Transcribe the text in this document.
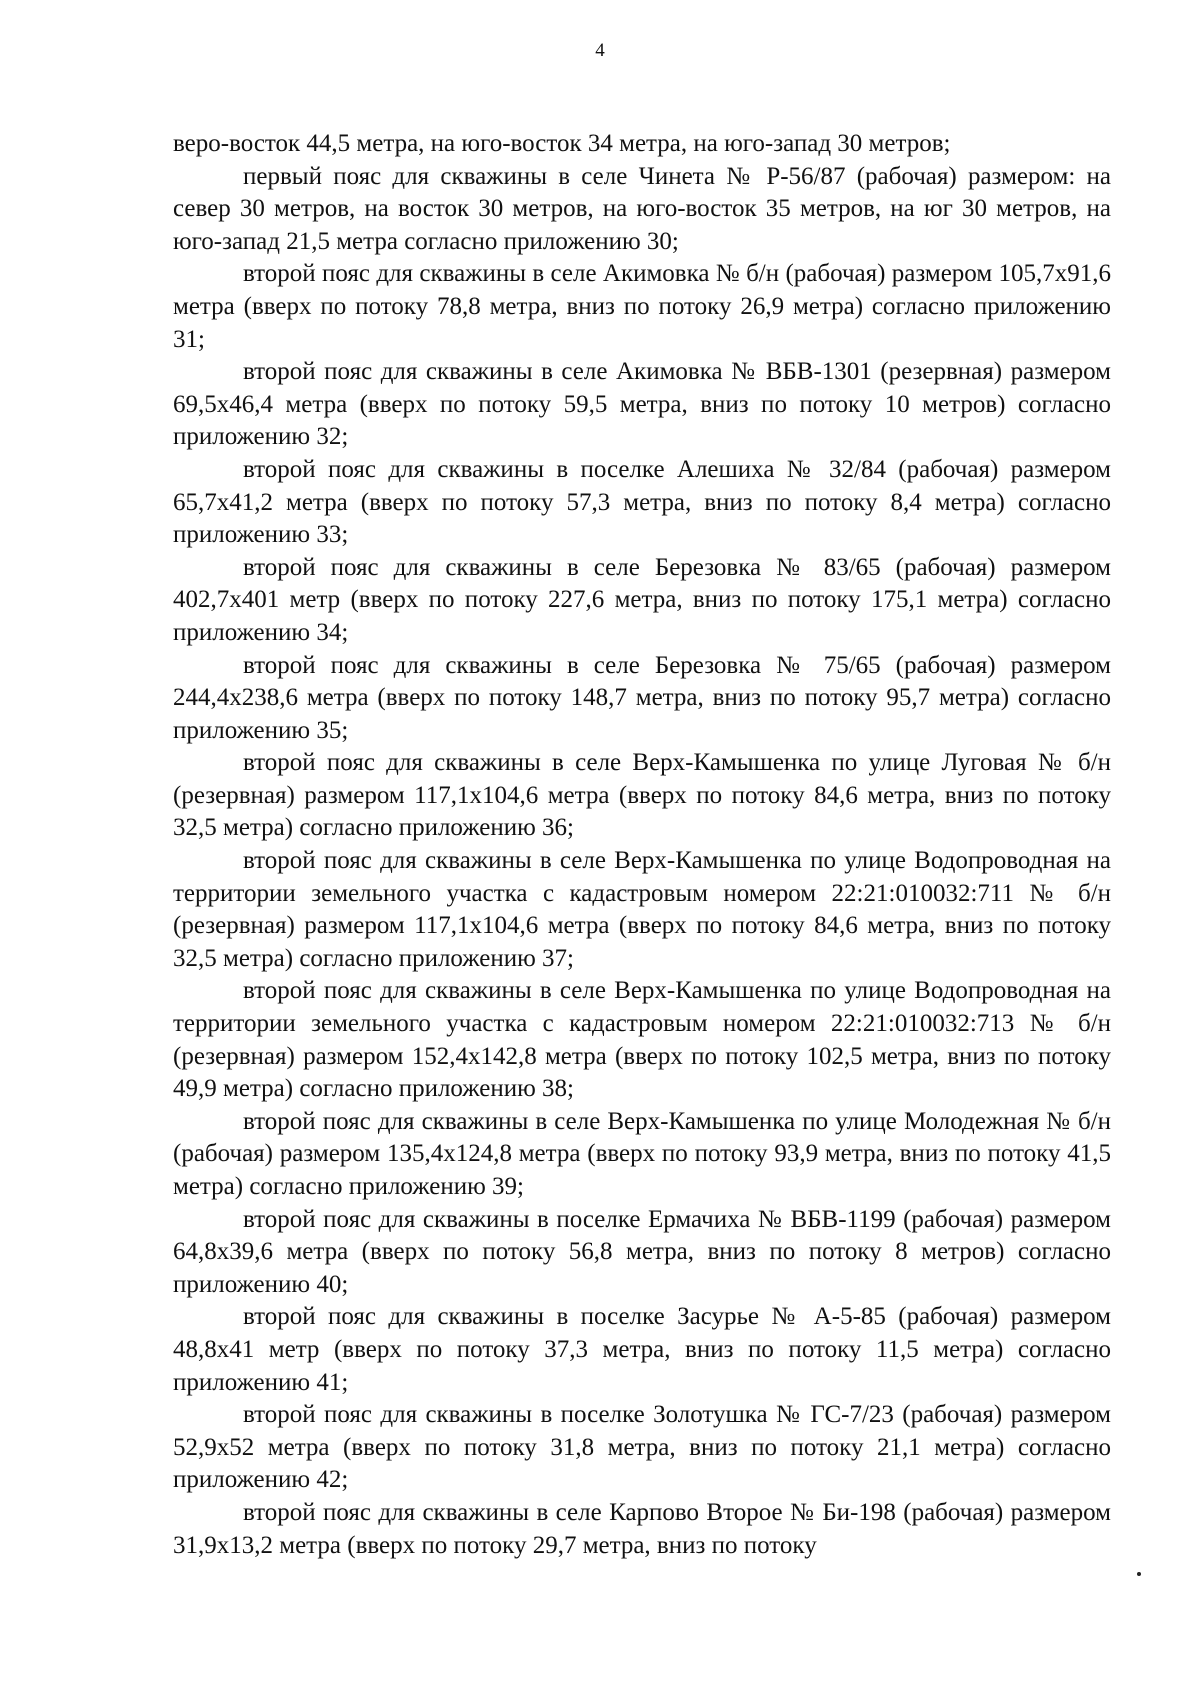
4

веро-восток 44,5 метра, на юго-восток 34 метра, на юго-запад 30 метров;

первый пояс для скважины в селе Чинета № Р-56/87 (рабочая) размером: на север 30 метров, на восток 30 метров, на юго-восток 35 метров, на юг 30 метров, на юго-запад 21,5 метра согласно приложению 30;

второй пояс для скважины в селе Акимовка № б/н (рабочая) размером 105,7х91,6 метра (вверх по потоку 78,8 метра, вниз по потоку 26,9 метра) согласно приложению 31;

второй пояс для скважины в селе Акимовка № ВБВ-1301 (резервная) размером 69,5х46,4 метра (вверх по потоку 59,5 метра, вниз по потоку 10 метров) согласно приложению 32;

второй пояс для скважины в поселке Алешиха № 32/84 (рабочая) размером 65,7х41,2 метра (вверх по потоку 57,3 метра, вниз по потоку 8,4 метра) согласно приложению 33;

второй пояс для скважины в селе Березовка № 83/65 (рабочая) размером 402,7х401 метр (вверх по потоку 227,6 метра, вниз по потоку 175,1 метра) согласно приложению 34;

второй пояс для скважины в селе Березовка № 75/65 (рабочая) размером 244,4х238,6 метра (вверх по потоку 148,7 метра, вниз по потоку 95,7 метра) согласно приложению 35;

второй пояс для скважины в селе Верх-Камышенка по улице Луговая № б/н (резервная) размером 117,1х104,6 метра (вверх по потоку 84,6 метра, вниз по потоку 32,5 метра) согласно приложению 36;

второй пояс для скважины в селе Верх-Камышенка по улице Водопроводная на территории земельного участка с кадастровым номером 22:21:010032:711 № б/н (резервная) размером 117,1х104,6 метра (вверх по потоку 84,6 метра, вниз по потоку 32,5 метра) согласно приложению 37;

второй пояс для скважины в селе Верх-Камышенка по улице Водопроводная на территории земельного участка с кадастровым номером 22:21:010032:713 № б/н (резервная) размером 152,4х142,8 метра (вверх по потоку 102,5 метра, вниз по потоку 49,9 метра) согласно приложению 38;

второй пояс для скважины в селе Верх-Камышенка по улице Молодежная № б/н (рабочая) размером 135,4х124,8 метра (вверх по потоку 93,9 метра, вниз по потоку 41,5 метра) согласно приложению 39;

второй пояс для скважины в поселке Ермачиха № ВБВ-1199 (рабочая) размером 64,8х39,6 метра (вверх по потоку 56,8 метра, вниз по потоку 8 метров) согласно приложению 40;

второй пояс для скважины в поселке Засурье № А-5-85 (рабочая) размером 48,8х41 метр (вверх по потоку 37,3 метра, вниз по потоку 11,5 метра) согласно приложению 41;

второй пояс для скважины в поселке Золотушка № ГС-7/23 (рабочая) размером 52,9х52 метра (вверх по потоку 31,8 метра, вниз по потоку 21,1 метра) согласно приложению 42;

второй пояс для скважины в селе Карпово Второе № Би-198 (рабочая) размером 31,9х13,2 метра (вверх по потоку 29,7 метра, вниз по потоку
